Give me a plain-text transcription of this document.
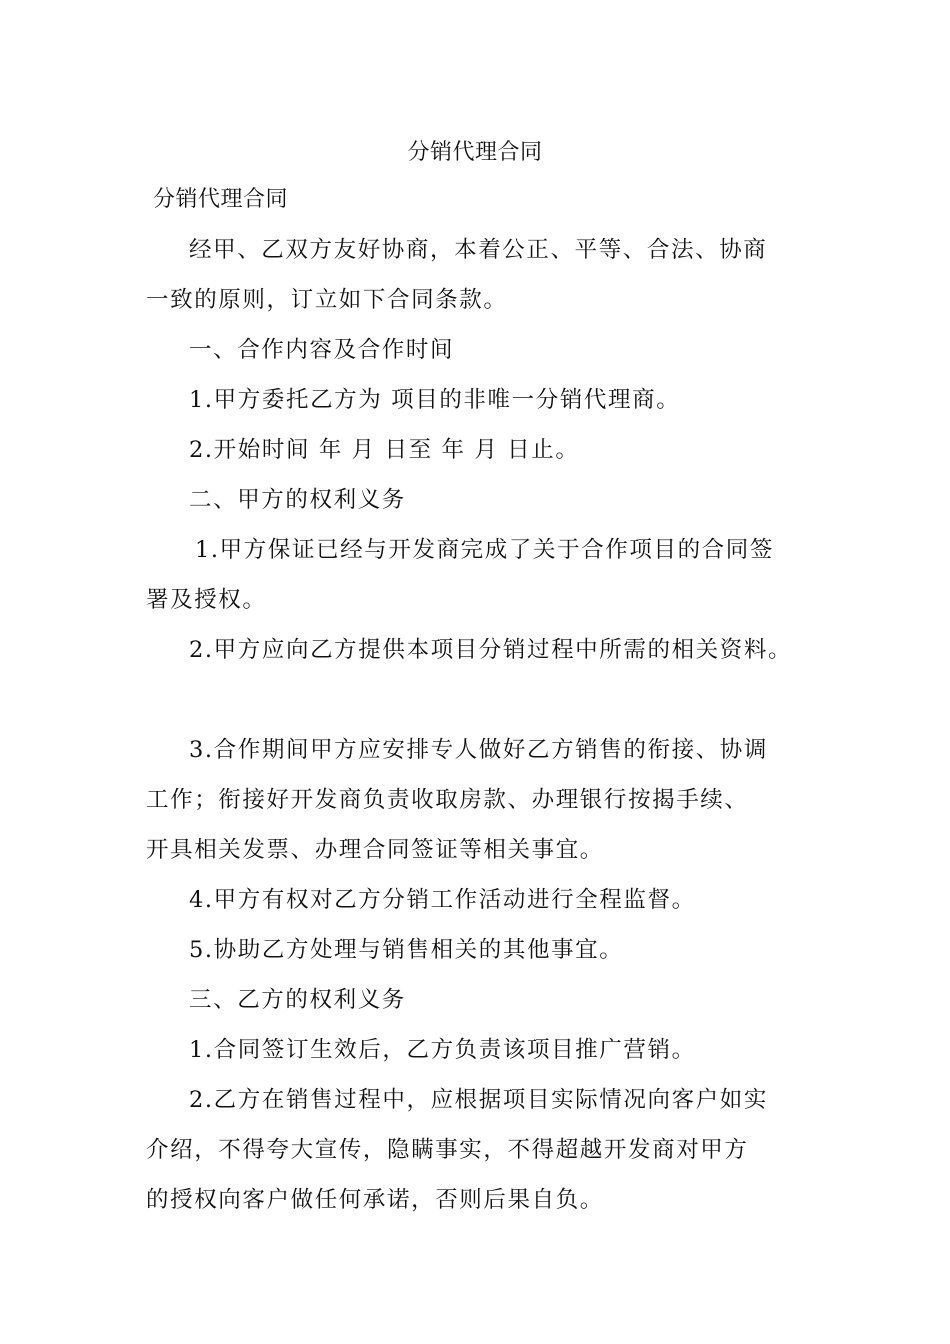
分销代理合同
分销代理合同
经甲、乙双方友好协商，本着公正、平等、合法、协商
一致的原则，订立如下合同条款。
一、合作内容及合作时间
1.甲方委托乙方为 项目的非唯一分销代理商。
2.开始时间 年 月 日至 年 月 日止。
二、甲方的权利义务
1.甲方保证已经与开发商完成了关于合作项目的合同签
署及授权。
2.甲方应向乙方提供本项目分销过程中所需的相关资料。
3.合作期间甲方应安排专人做好乙方销售的衔接、协调
工作；衔接好开发商负责收取房款、办理银行按揭手续、
开具相关发票、办理合同签证等相关事宜。
4.甲方有权对乙方分销工作活动进行全程监督。
5.协助乙方处理与销售相关的其他事宜。
三、乙方的权利义务
1.合同签订生效后，乙方负责该项目推广营销。
2.乙方在销售过程中，应根据项目实际情况向客户如实
介绍，不得夸大宣传，隐瞒事实，不得超越开发商对甲方
的授权向客户做任何承诺，否则后果自负。
